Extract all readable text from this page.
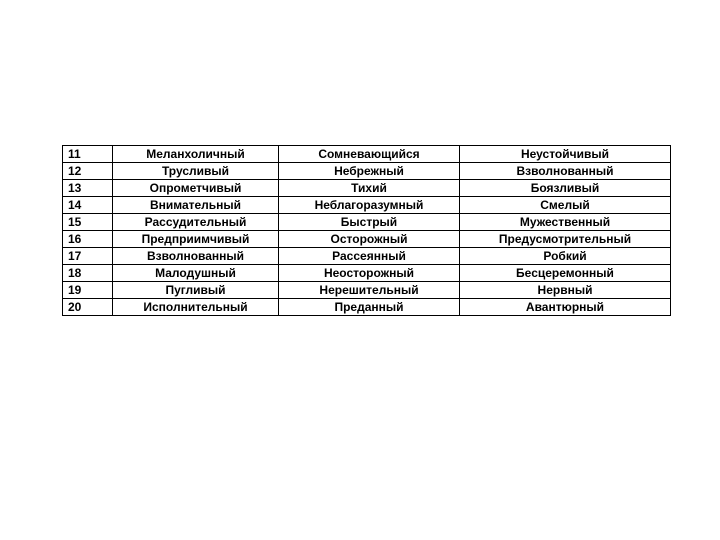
11	Меланхоличный	Сомневающийся	Неустойчивый
12	Трусливый	Небрежный	Взволнованный
13	Опрометчивый	Тихий	Боязливый
14	Внимательный	Неблагоразумный	Смелый
15	Рассудительный	Быстрый	Мужественный
16	Предприимчивый	Осторожный	Предусмотрительный
17	Взволнованный	Рассеянный	Робкий
18	Малодушный	Неосторожный	Бесцеремонный
19	Пугливый	Нерешительный	Нервный
20	Исполнительный	Преданный	Авантюрный
